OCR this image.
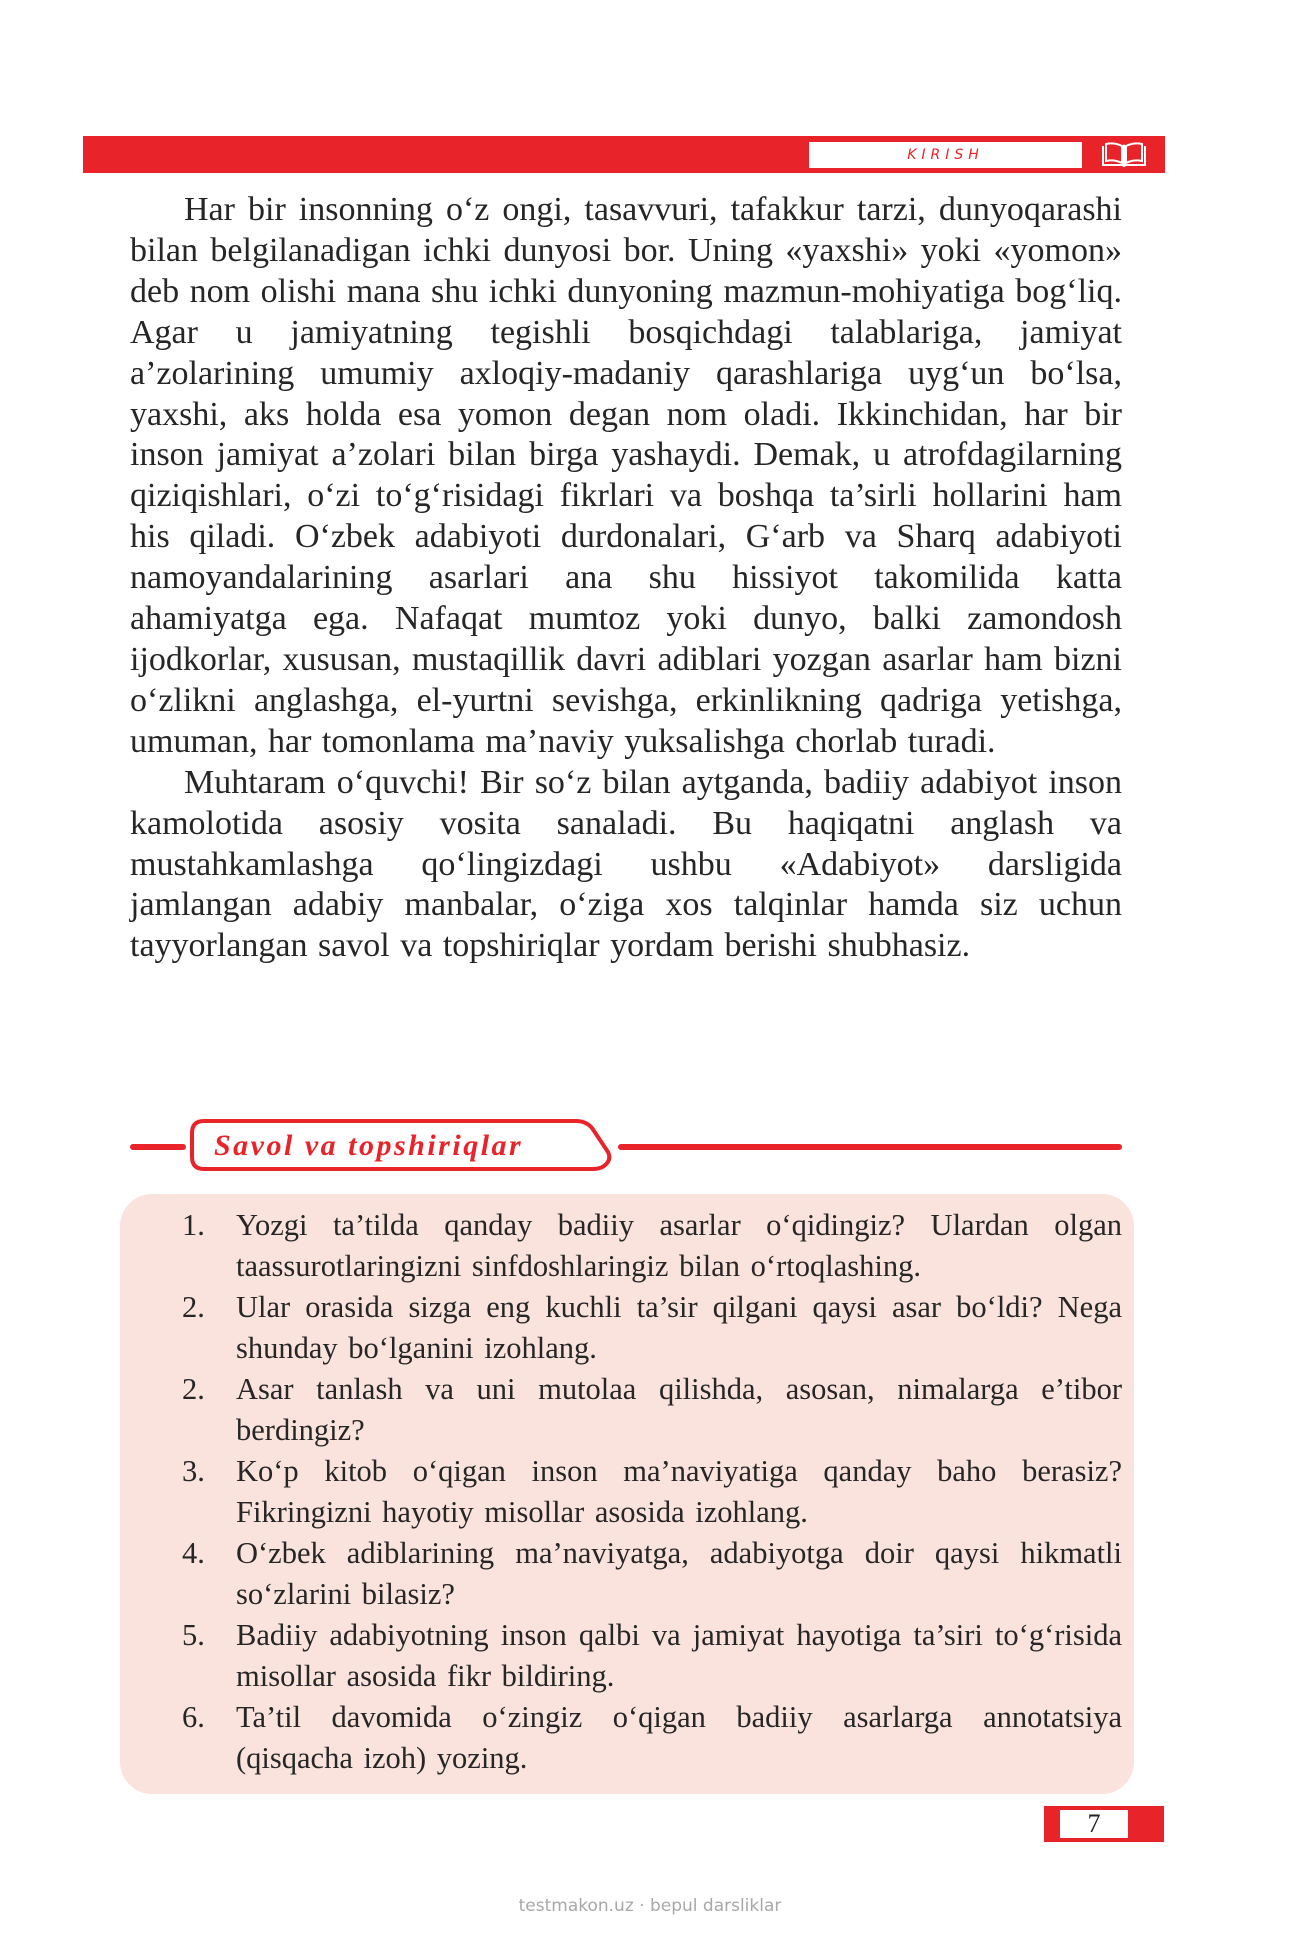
KIRISH

Har bir insonning o‘z ongi, tasavvuri, tafakkur tarzi, dunyoqarashi bilan belgilanadigan ichki dunyosi bor. Uning «yaxshi» yoki «yomon» deb nom olishi mana shu ichki dunyoning mazmun-mohiyatiga bog‘liq. Agar u jamiyatning tegishli bosqichdagi talablariga, jamiyat a’zolarining umumiy axloqiy-madaniy qarashlariga uyg‘un bo‘lsa, yaxshi, aks holda esa yomon degan nom oladi. Ikkinchidan, har bir inson jamiyat a’zolari bilan birga yashaydi. Demak, u atrofdagilarning qiziqishlari, o‘zi to‘g‘risidagi fikrlari va boshqa ta’sirli hollarini ham his qiladi. O‘zbek adabiyoti durdonalari, G‘arb va Sharq adabiyoti namoyandalarining asarlari ana shu hissiyot takomilida katta ahamiyatga ega. Nafaqat mumtoz yoki dunyo, balki zamondosh ijodkorlar, xususan, mustaqillik davri adiblari yozgan asarlar ham bizni o‘zlikni anglashga, el-yurtni sevishga, erkinlikning qadriga yetishga, umuman, har tomonlama ma’naviy yuksalishga chorlab turadi.

Muhtaram o‘quvchi! Bir so‘z bilan aytganda, badiiy adabiyot inson kamolotida asosiy vosita sanaladi. Bu haqiqatni anglash va mustahkamlashga qo‘lingizdagi ushbu «Adabiyot» darsligida jamlangan adabiy manbalar, o‘ziga xos talqinlar hamda siz uchun tayyorlangan savol va topshiriqlar yordam berishi shubhasiz.

Savol va topshiriqlar
1. Yozgi ta’tilda qanday badiiy asarlar o‘qidingiz? Ulardan olgan taassurotlaringizni sinfdoshlaringiz bilan o‘rtoqlashing.
2. Ular orasida sizga eng kuchli ta’sir qilgani qaysi asar bo‘ldi? Nega shunday bo‘lganini izohlang.
2. Asar tanlash va uni mutolaa qilishda, asosan, nimalarga e’tibor berdingiz?
3. Ko‘p kitob o‘qigan inson ma’naviyatiga qanday baho berasiz? Fikringizni hayotiy misollar asosida izohlang.
4. O‘zbek adiblarining ma’naviyatga, adabiyotga doir qaysi hikmatli so‘zlarini bilasiz?
5. Badiiy adabiyotning inson qalbi va jamiyat hayotiga ta’siri to‘g‘risida misollar asosida fikr bildiring.
6. Ta’til davomida o‘zingiz o‘qigan badiiy asarlarga annotatsiya (qisqacha izoh) yozing.
7
testmakon.uz · bepul darsliklar
